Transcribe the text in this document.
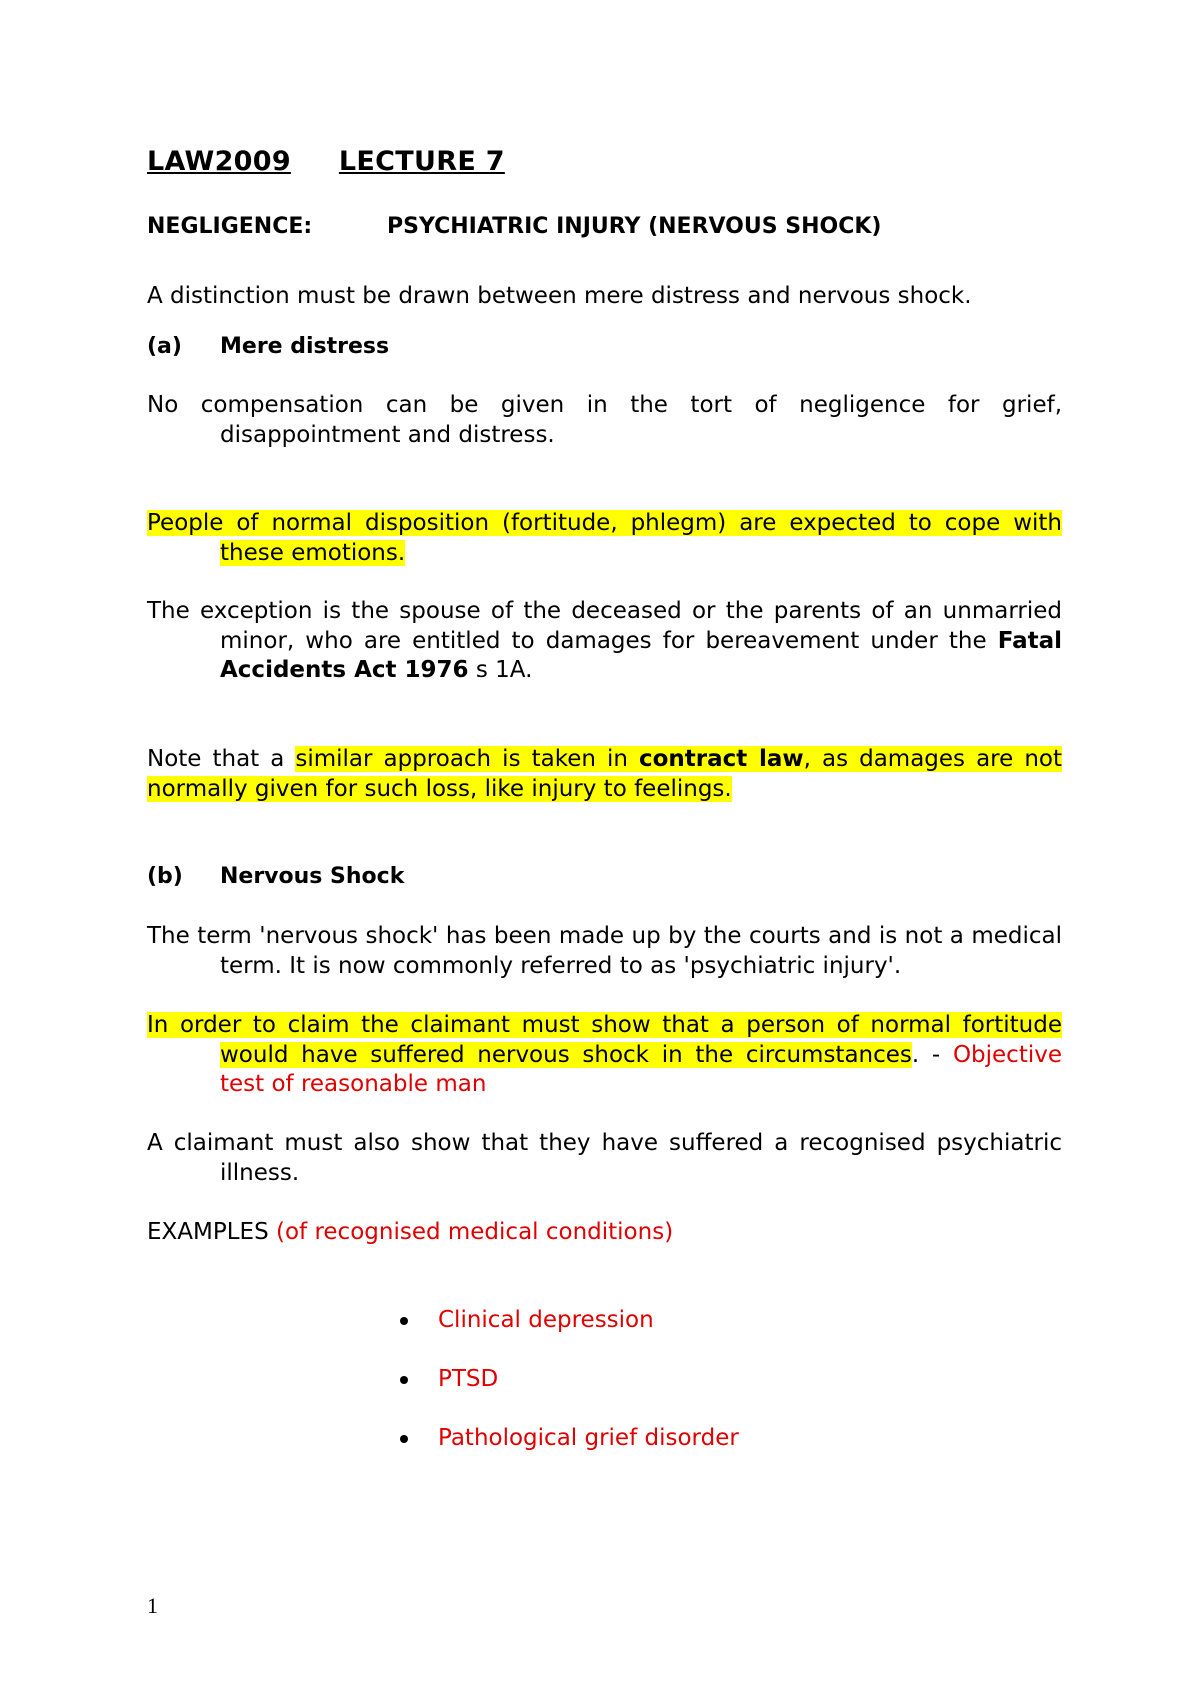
LAW2009 LECTURE 7
NEGLIGENCE:	PSYCHIATRIC INJURY (NERVOUS SHOCK)
A distinction must be drawn between mere distress and nervous shock.
(a) Mere distress
No compensation can be given in the tort of negligence for grief, disappointment and distress.
People of normal disposition (fortitude, phlegm) are expected to cope with these emotions.
The exception is the spouse of the deceased or the parents of an unmarried minor, who are entitled to damages for bereavement under the Fatal Accidents Act 1976 s 1A.
Note that a similar approach is taken in contract law, as damages are not normally given for such loss, like injury to feelings.
(b) Nervous Shock
The term 'nervous shock' has been made up by the courts and is not a medical term. It is now commonly referred to as 'psychiatric injury'.
In order to claim the claimant must show that a person of normal fortitude would have suffered nervous shock in the circumstances. - Objective test of reasonable man
A claimant must also show that they have suffered a recognised psychiatric illness.
EXAMPLES (of recognised medical conditions)
Clinical depression
PTSD
Pathological grief disorder
1
